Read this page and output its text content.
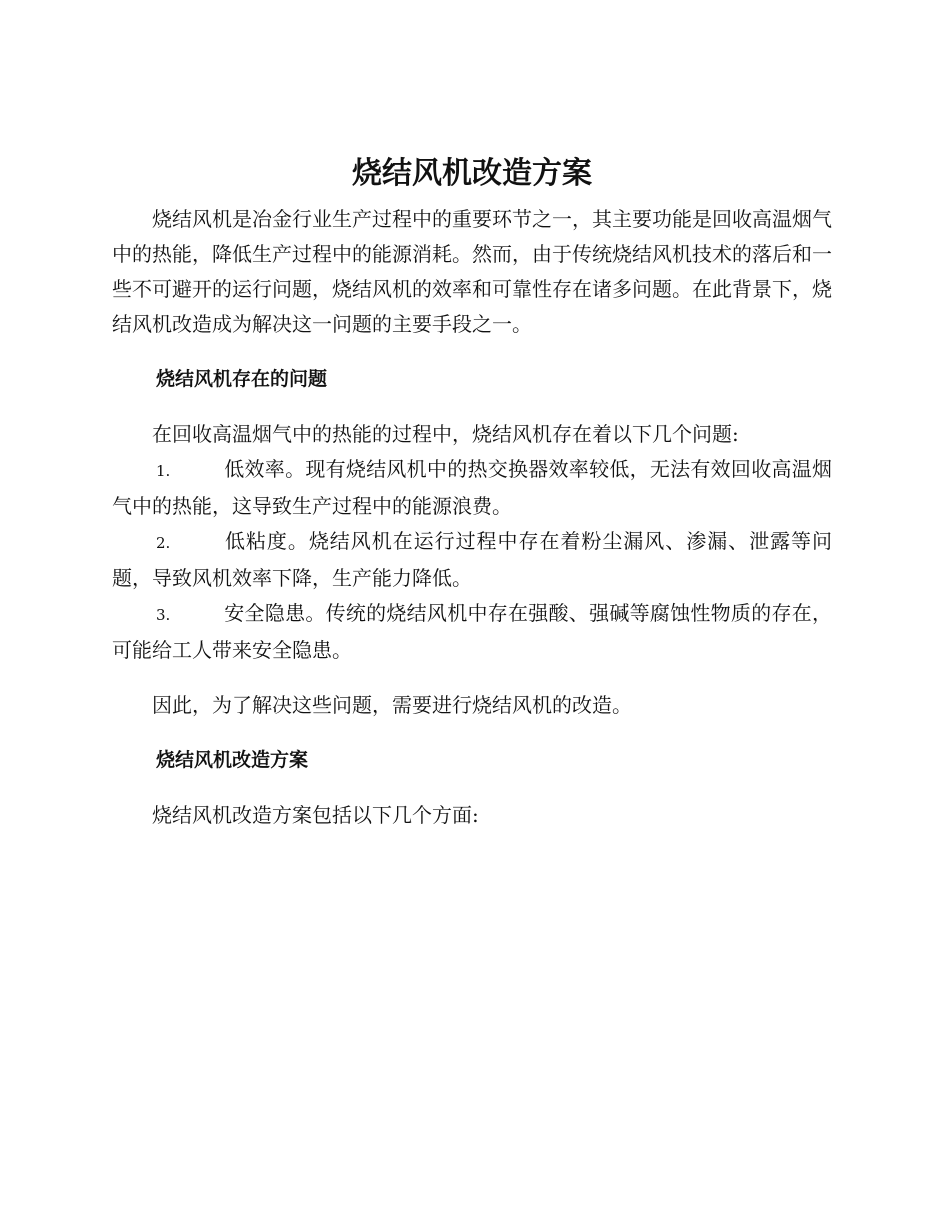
烧结风机改造方案

烧结风机是冶金行业生产过程中的重要环节之一，其主要功能是回收高温烟气中的热能，降低生产过程中的能源消耗。然而，由于传统烧结风机技术的落后和一些不可避开的运行问题，烧结风机的效率和可靠性存在诸多问题。在此背景下，烧结风机改造成为解决这一问题的主要手段之一。

烧结风机存在的问题

在回收高温烟气中的热能的过程中，烧结风机存在着以下几个问题:

1.	低效率。现有烧结风机中的热交换器效率较低，无法有效回收高温烟气中的热能，这导致生产过程中的能源浪费。
2.	低粘度。烧结风机在运行过程中存在着粉尘漏风、渗漏、泄露等问题，导致风机效率下降，生产能力降低。
3.	安全隐患。传统的烧结风机中存在强酸、强碱等腐蚀性物质的存在，可能给工人带来安全隐患。

因此，为了解决这些问题，需要进行烧结风机的改造。

烧结风机改造方案

烧结风机改造方案包括以下几个方面:
